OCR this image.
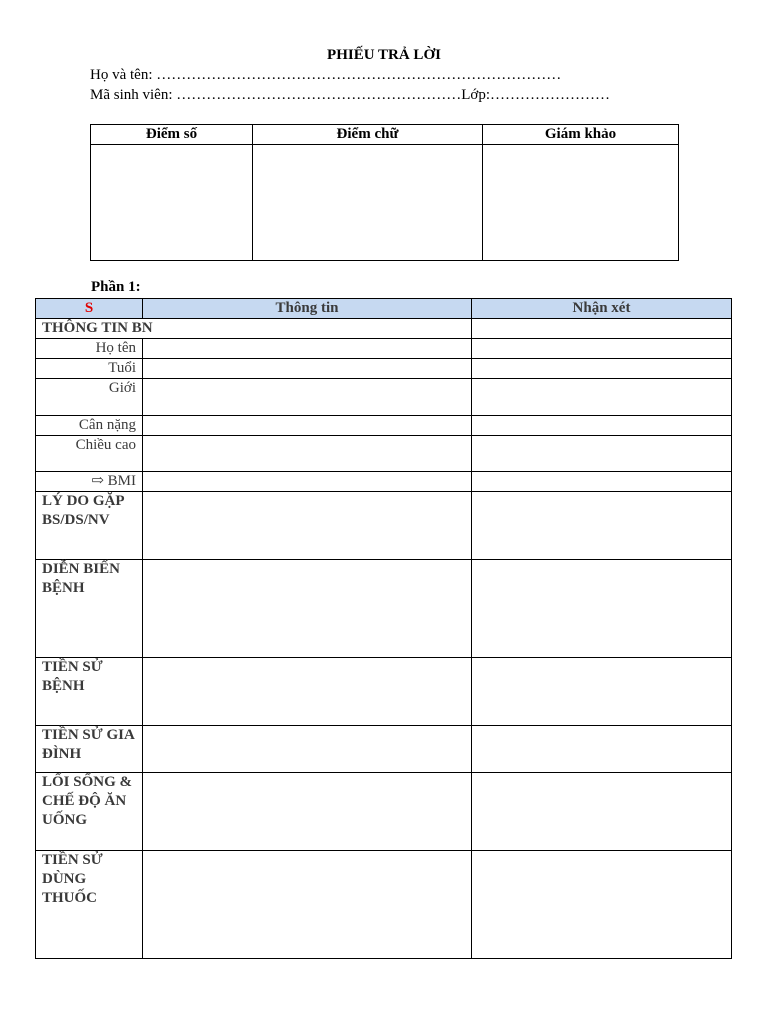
PHIẾU TRẢ LỜI
Họ và tên: ………………………………………………………………………
Mã sinh viên: …………………………………………………Lớp:……………………
Điểm số	Điểm chữ	Giám khảo

Phần 1:
S	Thông tin	Nhận xét
THÔNG TIN BN		
Họ tên		
Tuổi		
Giới		
Cân nặng		
Chiều cao		
⇨ BMI		
LÝ DO GẶP BS/DS/NV		
DIỄN BIẾN BỆNH		
TIỀN SỬ BỆNH		
TIỀN SỬ GIA ĐÌNH		
LỐI SỐNG & CHẾ ĐỘ ĂN UỐNG		
TIỀN SỬ DÙNG THUỐC		
